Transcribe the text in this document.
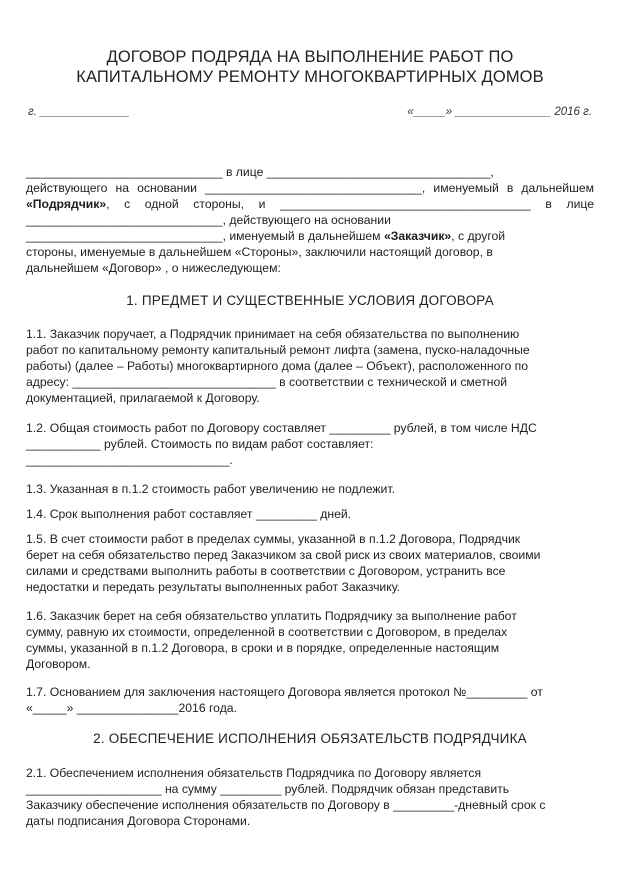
ДОГОВОР ПОДРЯДА НА ВЫПОЛНЕНИЕ РАБОТ ПО
КАПИТАЛЬНОМУ РЕМОНТУ МНОГОКВАРТИРНЫХ ДОМОВ
г. ______________	«_____» _______________ 2016 г.
_____________________________ в лице _________________________________,
действующего на основании ________________________________, именуемый в дальнейшем
«Подрядчик», с одной стороны, и _____________________________________ в лице
_____________________________, действующего на основании
_____________________________, именуемый в дальнейшем «Заказчик», с другой
стороны, именуемые в дальнейшем «Стороны», заключили настоящий договор, в
дальнейшем «Договор» , о нижеследующем:
1. ПРЕДМЕТ И СУЩЕСТВЕННЫЕ УСЛОВИЯ ДОГОВОРА
1.1. Заказчик поручает, а Подрядчик принимает на себя обязательства по выполнению
работ по капитальному ремонту капитальный ремонт лифта (замена, пуско-наладочные
работы) (далее – Работы) многоквартирного дома (далее – Объект), расположенного по
адресу: ______________________________ в соответствии с технической и сметной
документацией, прилагаемой к Договору.
1.2. Общая стоимость работ по Договору составляет _________ рублей, в том числе НДС
___________ рублей. Стоимость по видам работ составляет:
______________________________.
1.3. Указанная в п.1.2 стоимость работ увеличению не подлежит.
1.4. Срок выполнения работ составляет _________ дней.
1.5. В счет стоимости работ в пределах суммы, указанной в п.1.2 Договора, Подрядчик
берет на себя обязательство перед Заказчиком за свой риск из своих материалов, своими
силами и средствами выполнить работы в соответствии с Договором, устранить все
недостатки и передать результаты выполненных работ Заказчику.
1.6. Заказчик берет на себя обязательство уплатить Подрядчику за выполнение работ
сумму, равную их стоимости, определенной в соответствии с Договором, в пределах
суммы, указанной в п.1.2 Договора, в сроки и в порядке, определенные настоящим
Договором.
1.7. Основанием для заключения настоящего Договора является протокол №_________ от
«_____» _______________2016 года.
2. ОБЕСПЕЧЕНИЕ ИСПОЛНЕНИЯ ОБЯЗАТЕЛЬСТВ ПОДРЯДЧИКА
2.1. Обеспечением исполнения обязательств Подрядчика по Договору является
____________________ на сумму _________ рублей. Подрядчик обязан представить
Заказчику обеспечение исполнения обязательств по Договору в _________-дневный срок с
даты подписания Договора Сторонами.
